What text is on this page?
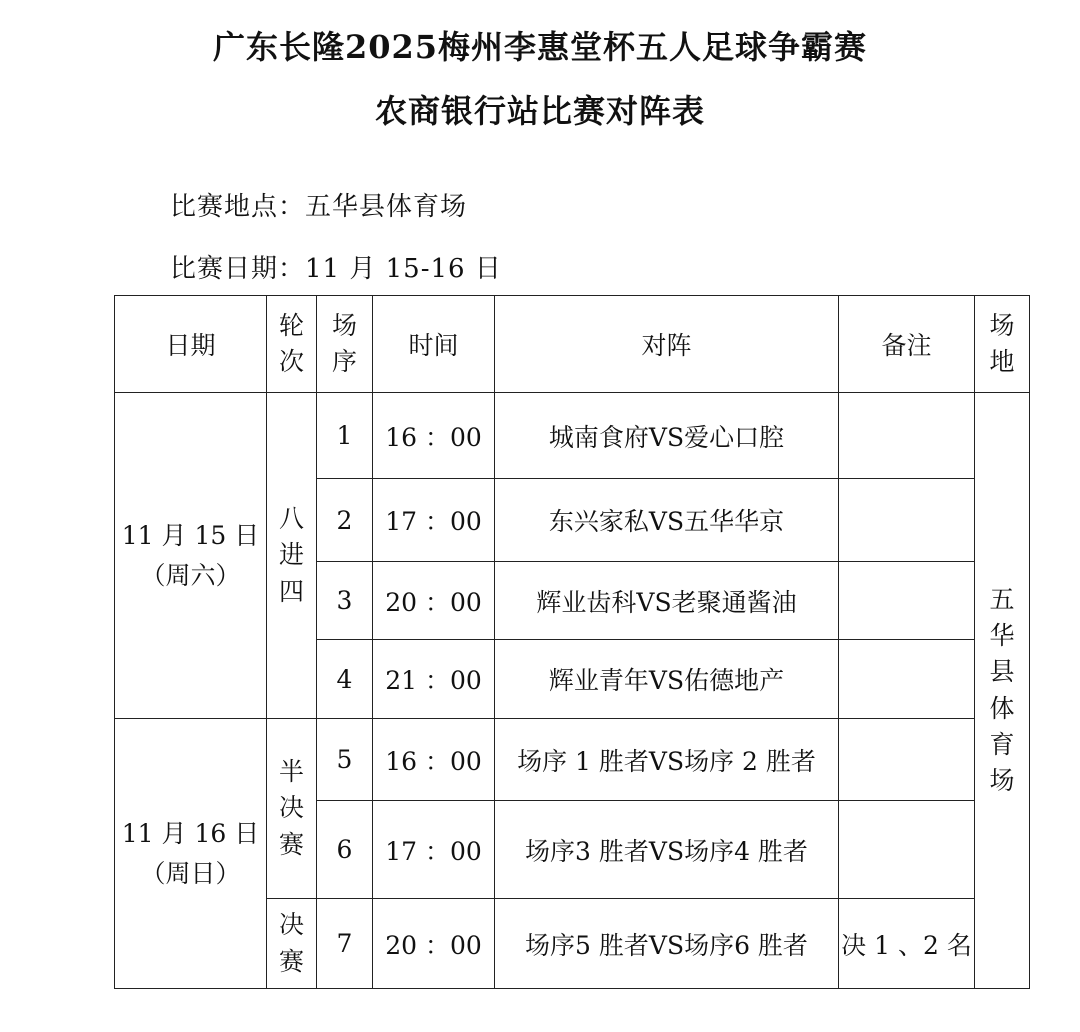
广东长隆2025梅州李惠堂杯五人足球争霸赛
农商银行站比赛对阵表
比赛地点：五华县体育场
比赛日期：11 月 15-16 日
日期	轮次	场序	时间	对阵	备注	场地

11 月 15 日
（周六）	八进四	1	16 ：00	城南食府VS爱心口腔		五华县体育场
		2	17 ：00	东兴家私VS五华华京		
		3	20 ：00	辉业齿科VS老聚通酱油		
		4	21 ：00	辉业青年VS佑德地产		

11 月 16 日
（周日）	半决赛	5	16 ：00	场序 1 胜者VS场序 2 胜者		
		6	17 ：00	场序3 胜者VS场序4 胜者		
	决赛	7	20 ：00	场序5 胜者VS场序6 胜者	决 1 、2 名	
